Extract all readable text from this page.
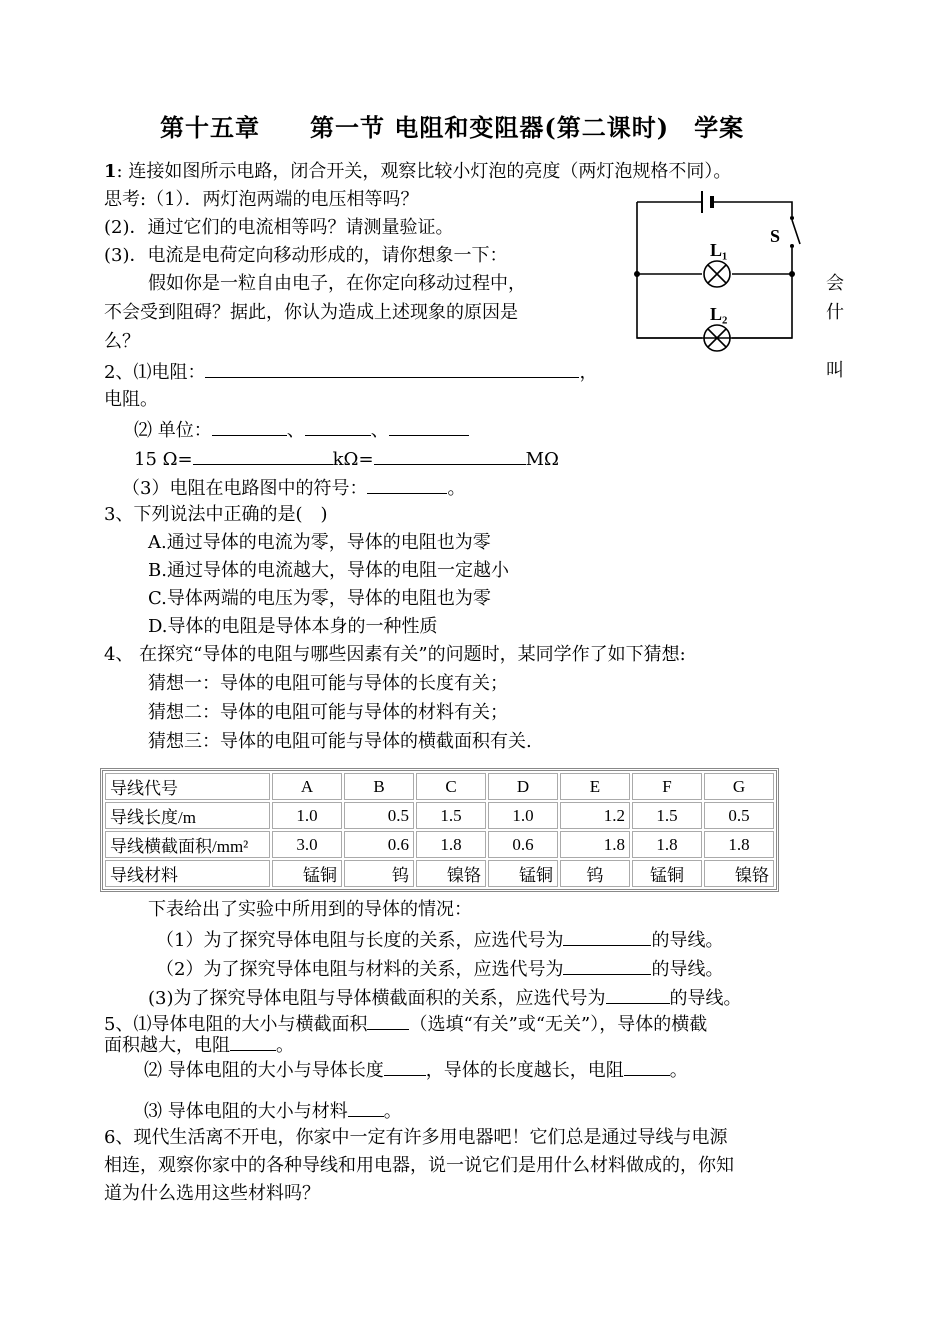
第十五章　　第一节 电阻和变阻器(第二课时)　学案
1: 连接如图所示电路，闭合开关，观察比较小灯泡的亮度（两灯泡规格不同）。
思考:（1）．两灯泡两端的电压相等吗？
(2)．通过它们的电流相等吗？请测量验证。
(3)．电流是电荷定向移动形成的，请你想象一下：
假如你是一粒自由电子，在你定向移动过程中，	会
不会受到阻碍？据此，你认为造成上述现象的原因是	什
么？
S
L₁
L₂
2、⑴电阻：	，	叫
电阻。
⑵ 单位：	、	、
15 Ω=	kΩ=	MΩ
（3）电阻在电路图中的符号：	。
3、下列说法中正确的是(　)
A.通过导体的电流为零，导体的电阻也为零
B.通过导体的电流越大，导体的电阻一定越小
C.导体两端的电压为零，导体的电阻也为零
D.导体的电阻是导体本身的一种性质
4、 在探究“导体的电阻与哪些因素有关”的问题时，某同学作了如下猜想:
猜想一：导体的电阻可能与导体的长度有关；
猜想二：导体的电阻可能与导体的材料有关；
猜想三：导体的电阻可能与导体的横截面积有关.
导线代号	A	B	C	D	E	F	G
导线长度/m	1.0	0.5	1.5	1.0	1.2	1.5	0.5
导线横截面积/mm²	3.0	0.6	1.8	0.6	1.8	1.8	1.8
导线材料	锰铜	钨	镍铬	锰铜	钨	锰铜	镍铬
下表给出了实验中所用到的导体的情况：
（1）为了探究导体电阻与长度的关系，应选代号为	的导线。
（2）为了探究导体电阻与材料的关系，应选代号为	的导线。
(3)为了探究导体电阻与导体横截面积的关系，应选代号为	的导线。
5、⑴导体电阻的大小与横截面积 （选填“有关”或“无关”），导体的横截
面积越大，电阻	。
⑵ 导体电阻的大小与导体长度 ，导体的长度越长，电阻	。
⑶ 导体电阻的大小与材料 。
6、现代生活离不开电，你家中一定有许多用电器吧！它们总是通过导线与电源
相连，观察你家中的各种导线和用电器，说一说它们是用什么材料做成的，你知
道为什么选用这些材料吗？
